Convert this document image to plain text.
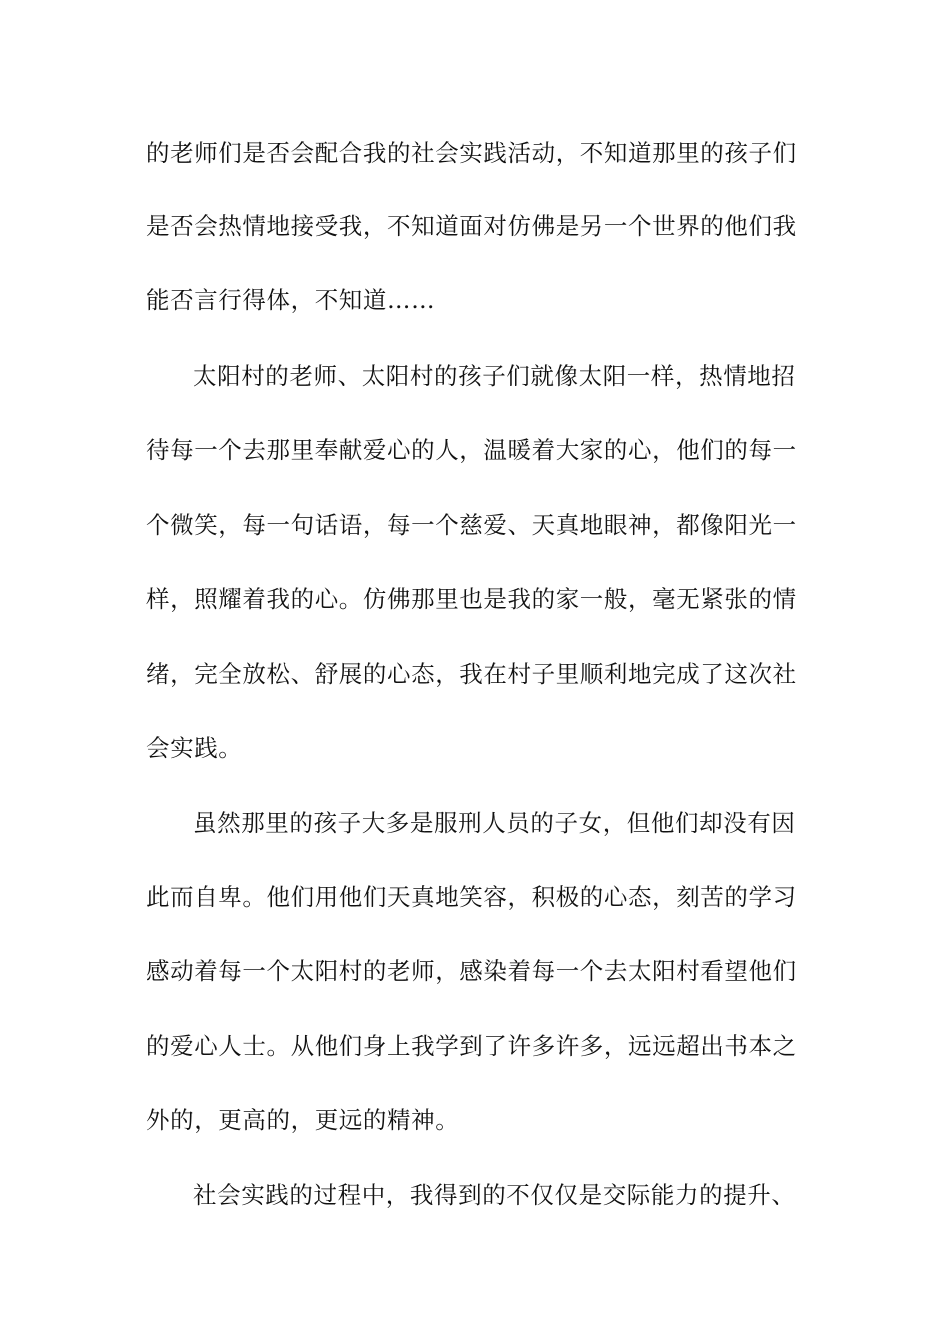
的老师们是否会配合我的社会实践活动，不知道那里的孩子们
是否会热情地接受我，不知道面对仿佛是另一个世界的他们我
能否言行得体，不知道……
太阳村的老师、太阳村的孩子们就像太阳一样，热情地招
待每一个去那里奉献爱心的人，温暖着大家的心，他们的每一
个微笑，每一句话语，每一个慈爱、天真地眼神，都像阳光一
样，照耀着我的心。仿佛那里也是我的家一般，毫无紧张的情
绪，完全放松、舒展的心态，我在村子里顺利地完成了这次社
会实践。
虽然那里的孩子大多是服刑人员的子女，但他们却没有因
此而自卑。他们用他们天真地笑容，积极的心态，刻苦的学习
感动着每一个太阳村的老师，感染着每一个去太阳村看望他们
的爱心人士。从他们身上我学到了许多许多，远远超出书本之
外的，更高的，更远的精神。
社会实践的过程中，我得到的不仅仅是交际能力的提升、
